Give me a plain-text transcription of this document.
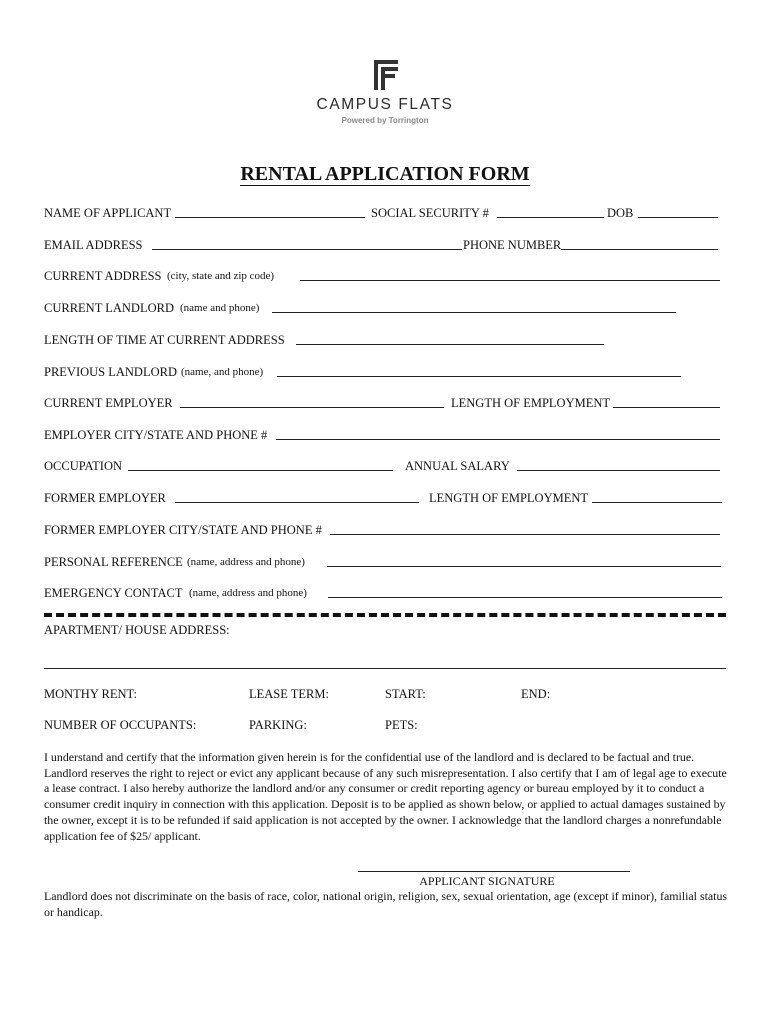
CAMPUS FLATS
Powered by Torrington
RENTAL APPLICATION FORM
NAME OF APPLICANT	SOCIAL SECURITY #	DOB
EMAIL ADDRESS	PHONE NUMBER
CURRENT ADDRESS (city, state and zip code)
CURRENT LANDLORD (name and phone)
LENGTH OF TIME AT CURRENT ADDRESS
PREVIOUS LANDLORD (name, and phone)
CURRENT EMPLOYER	LENGTH OF EMPLOYMENT
EMPLOYER CITY/STATE AND PHONE #
OCCUPATION	ANNUAL SALARY
FORMER EMPLOYER	LENGTH OF EMPLOYMENT
FORMER EMPLOYER CITY/STATE AND PHONE #
PERSONAL REFERENCE (name, address and phone)
EMERGENCY CONTACT (name, address and phone)
APARTMENT/ HOUSE ADDRESS:
MONTHY RENT:	LEASE TERM:	START:	END:
NUMBER OF OCCUPANTS:	PARKING:	PETS:
I understand and certify that the information given herein is for the confidential use of the landlord and is declared to be factual and true. Landlord reserves the right to reject or evict any applicant because of any such misrepresentation. I also certify that I am of legal age to execute a lease contract. I also hereby authorize the landlord and/or any consumer or credit reporting agency or bureau employed by it to conduct a consumer credit inquiry in connection with this application. Deposit is to be applied as shown below, or applied to actual damages sustained by the owner, except it is to be refunded if said application is not accepted by the owner. I acknowledge that the landlord charges a nonrefundable application fee of $25/ applicant.
APPLICANT SIGNATURE
Landlord does not discriminate on the basis of race, color, national origin, religion, sex, sexual orientation, age (except if minor), familial status or handicap.
